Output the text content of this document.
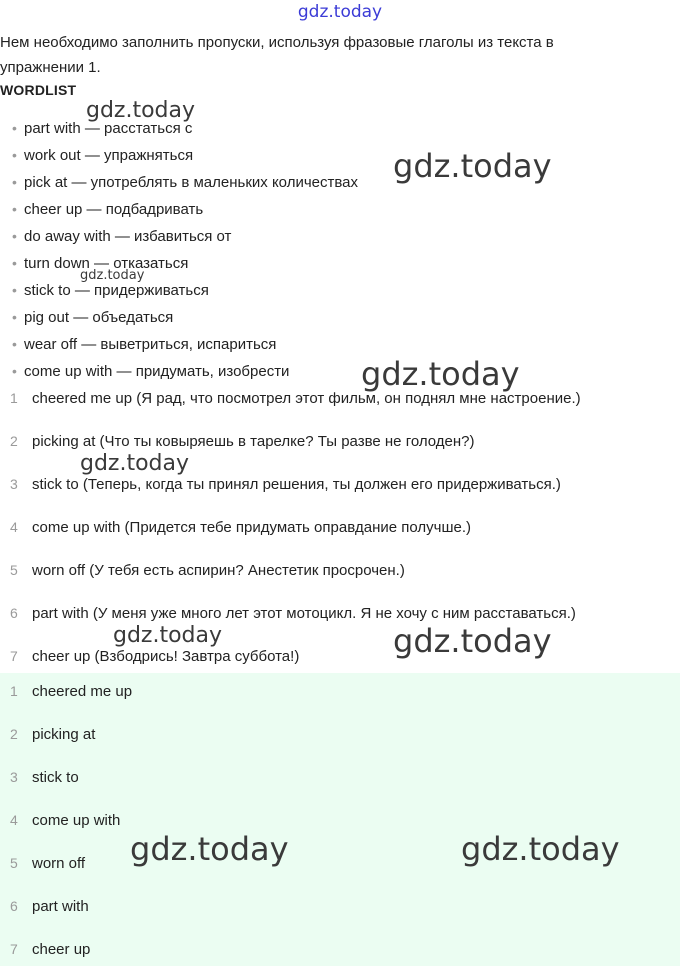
gdz.today
Нем необходимо заполнить пропуски, используя фразовые глаголы из текста в упражнении 1.
WORDLIST
• part with — расстаться с
• work out — упражняться
• pick at — употреблять в маленьких количествах
• cheer up — подбадривать
• do away with — избавиться от
• turn down — отказаться
• stick to — придерживаться
• pig out — объедаться
• wear off — выветриться, испариться
• come up with — придумать, изобрести
1 cheered me up (Я рад, что посмотрел этот фильм, он поднял мне настроение.)
2 picking at (Что ты ковыряешь в тарелке? Ты разве не голоден?)
3 stick to (Теперь, когда ты принял решения, ты должен его придерживаться.)
4 come up with (Придется тебе придумать оправдание получше.)
5 worn off (У тебя есть аспирин? Анестетик просрочен.)
6 part with (У меня уже много лет этот мотоцикл. Я не хочу с ним расставаться.)
7 cheer up (Взбодрись! Завтра суббота!)
1 cheered me up
2 picking at
3 stick to
4 come up with
5 worn off
6 part with
7 cheer up
gdz.today
gdz.today
gdz.today
gdz.today
gdz.today
gdz.today	gdz.today
gdz.today	gdz.today
